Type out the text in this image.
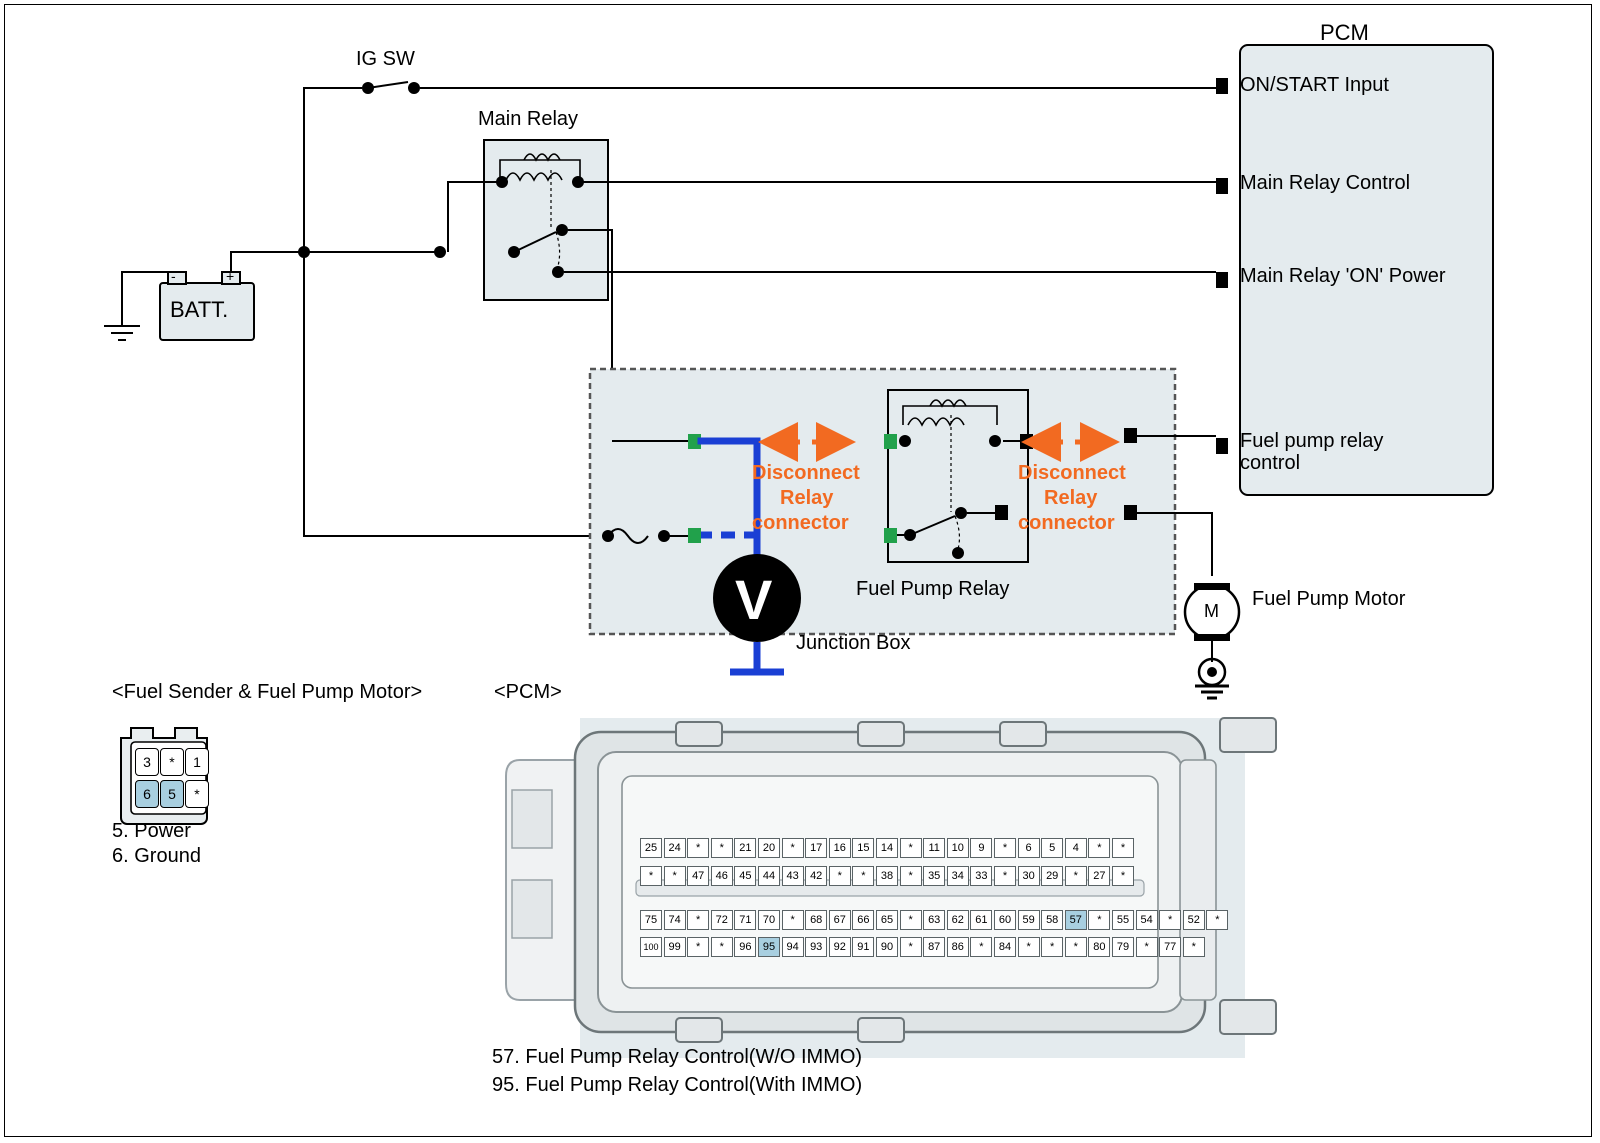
25	24	*	*	21	20	*	17	16	15	14	*	11	10	9	*	6	5	4	*	*
*	*	47	46	45	44	43	42	*	*	38	*	35	34	33	*	30	29	*	27	*
75	74	*	72	71	70	*	68	67	66	65	*	63	62	61	60	59	58	57	*	55	54	*	52	*
100 99	*	*	96	95	94	93	92	91	90	*	87	86	*	84	*	*	*	80	79	*	77	*
IG SW
Main Relay
BATT.
-	+
PCM
ON/START Input
Main Relay Control
Main Relay 'ON' Power
Fuel pump relay
control
Disconnect
Relay
connector
Disconnect
Relay
connector
V	Fuel Pump Relay
Junction Box
M
Fuel Pump Motor
<Fuel Sender & Fuel Pump Motor>	<PCM>
3	*	1
6	5	*
5. Power
6. Ground
57. Fuel Pump Relay Control(W/O IMMO)
95. Fuel Pump Relay Control(With IMMO)
